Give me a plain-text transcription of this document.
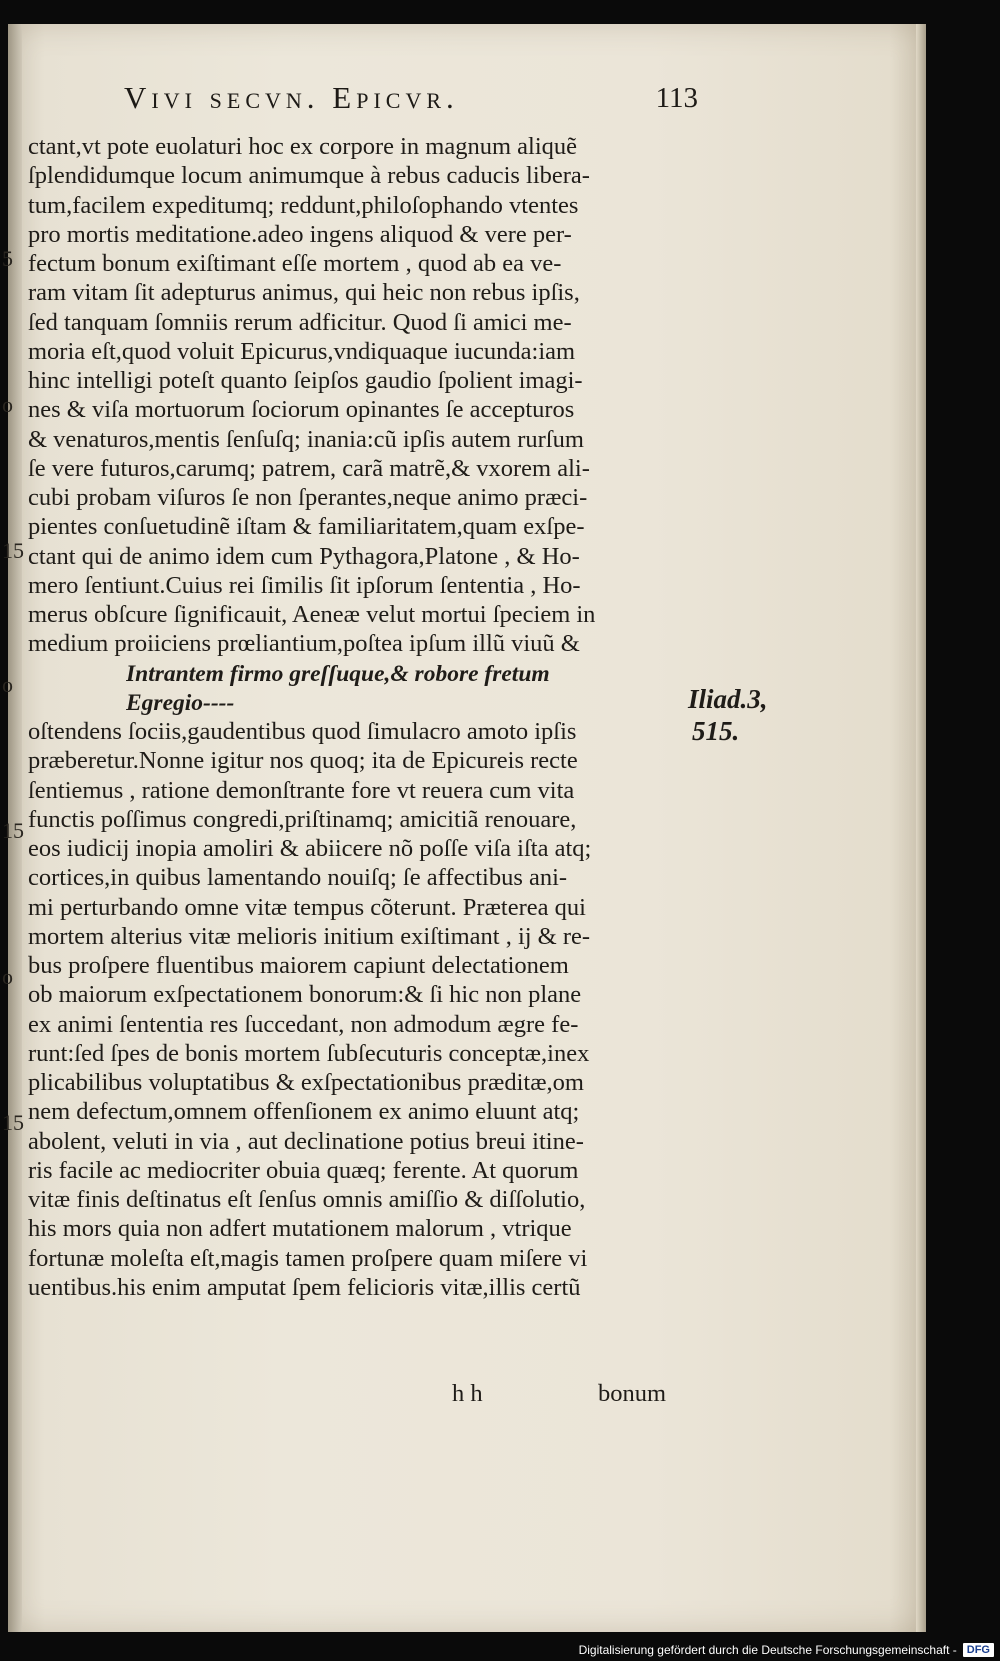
Vivi secvn. Epicvr.	113
ctant,vt pote euolaturi hoc ex corpore in magnum aliquẽ
ſplendidumque locum animumque à rebus caducis libera-
tum,facilem expeditumq; reddunt,philoſophando vtentes
pro mortis meditatione.adeo ingens aliquod & vere per-
fectum bonum exiſtimant eſſe mortem , quod ab ea ve-
ram vitam ſit adepturus animus, qui heic non rebus ipſis,
ſed tanquam ſomniis rerum adficitur. Quod ſi amici me-
moria eſt,quod voluit Epicurus,vndiquaque iucunda:iam
hinc intelligi poteſt quanto ſeipſos gaudio ſpolient imagi-
nes & viſa mortuorum ſociorum opinantes ſe accepturos
& venaturos,mentis ſenſuſq; inania:cũ ipſis autem rurſum
ſe vere futuros,carumq; patrem, carã matrẽ,& vxorem ali-
cubi probam viſuros ſe non ſperantes,neque animo præci-
pientes conſuetudinẽ iſtam & familiaritatem,quam exſpe-
ctant qui de animo idem cum Pythagora,Platone , & Ho-
mero ſentiunt.Cuius rei ſimilis ſit ipſorum ſententia , Ho-
merus obſcure ſignificauit, Aeneæ velut mortui ſpeciem in
medium proiiciens prœliantium,poſtea ipſum illũ viuũ &
Intrantem firmo greſſuque,& robore fretum
Egregio----
oſtendens ſociis,gaudentibus quod ſimulacro amoto ipſis
præberetur.Nonne igitur nos quoq; ita de Epicureis recte
ſentiemus , ratione demonſtrante fore vt reuera cum vita
functis poſſimus congredi,priſtinamq; amicitiã renouare,
eos iudicij inopia amoliri & abiicere nõ poſſe viſa iſta atq;
cortices,in quibus lamentando nouiſq; ſe affectibus ani-
mi perturbando omne vitæ tempus cõterunt. Præterea qui
mortem alterius vitæ melioris initium exiſtimant , ij & re-
bus proſpere fluentibus maiorem capiunt delectationem
ob maiorum exſpectationem bonorum:& ſi hic non plane
ex animi ſententia res ſuccedant, non admodum ægre fe-
runt:ſed ſpes de bonis mortem ſubſecuturis conceptæ,inex
plicabilibus voluptatibus & exſpectationibus præditæ,om
nem defectum,omnem offenſionem ex animo eluunt atq;
abolent, veluti in via , aut declinatione potius breui itine-
ris facile ac mediocriter obuia quæq; ferente. At quorum
vitæ finis deſtinatus eſt ſenſus omnis amiſſio & diſſolutio,
his mors quia non adfert mutationem malorum , vtrique
fortunæ moleſta eſt,magis tamen proſpere quam miſere vi
uentibus.his enim amputat ſpem felicioris vitæ,illis certũ
5
o
15
o
15
o
15
Iliad.3,
515.
h h	bonum
Digitalisierung gefördert durch die Deutsche Forschungsgemeinschaft - DFG
